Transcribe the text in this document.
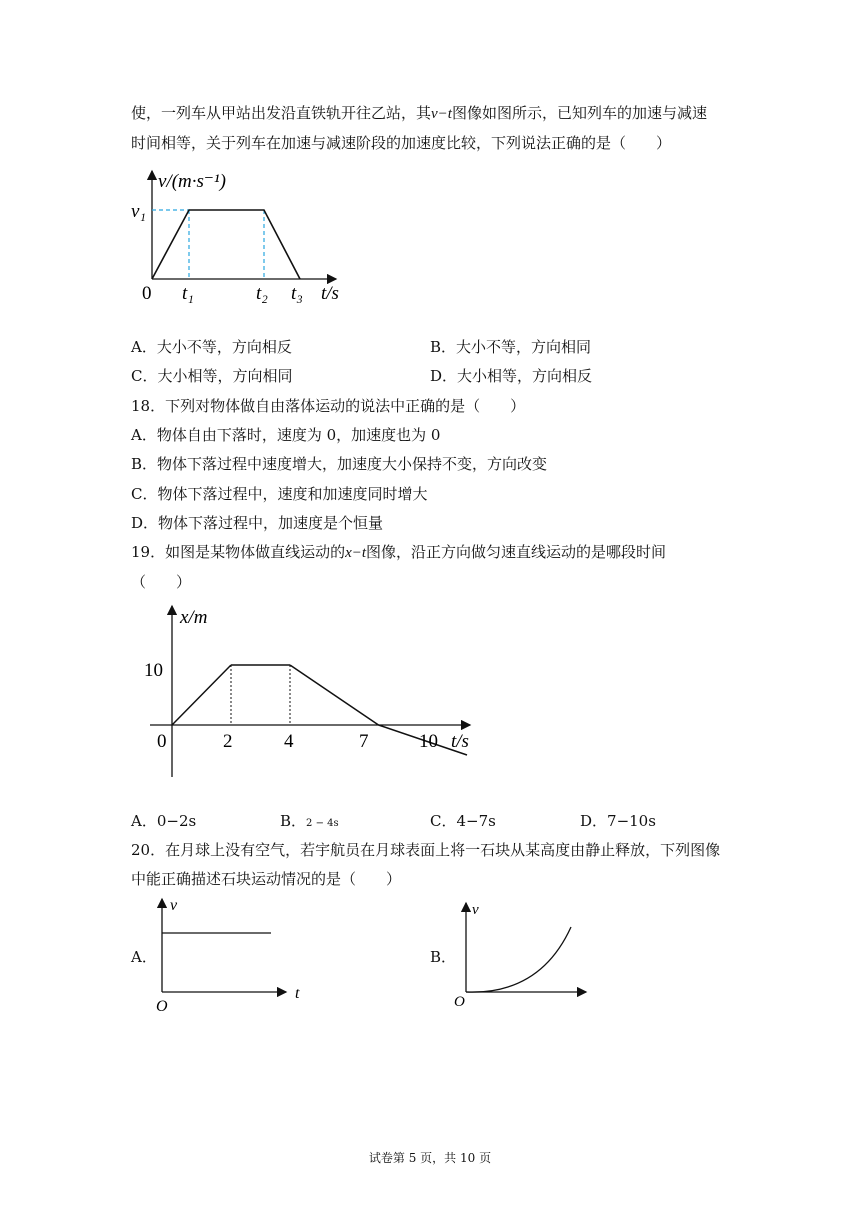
使，一列车从甲站出发沿直铁轨开往乙站，其v−t图像如图所示，已知列车的加速与减速
时间相等，关于列车在加速与减速阶段的加速度比较，下列说法正确的是（　　）
v/(m·s⁻¹)
v₁
0 t₁	t₂ t₃ t/s
A．大小不等，方向相反	B．大小不等，方向相同
C．大小相等，方向相同	D．大小相等，方向相反
18．下列对物体做自由落体运动的说法中正确的是（　　）
A．物体自由下落时，速度为 0，加速度也为 0
B．物体下落过程中速度增大，加速度大小保持不变，方向改变
C．物体下落过程中，速度和加速度同时增大
D．物体下落过程中，加速度是个恒量
19．如图是某物体做直线运动的x−t图像，沿正方向做匀速直线运动的是哪段时间
（　　）
x/m
10
0	2	4	7	10 t/s
A．0−2s	B．2 − 4s	C．4−7s	D．7−10s
20．在月球上没有空气，若宇航员在月球表面上将一石块从某高度由静止释放，下列图像
中能正确描述石块运动情况的是（　　）
A．
v
t
O
B．
v
O
试卷第 5 页，共 10 页
